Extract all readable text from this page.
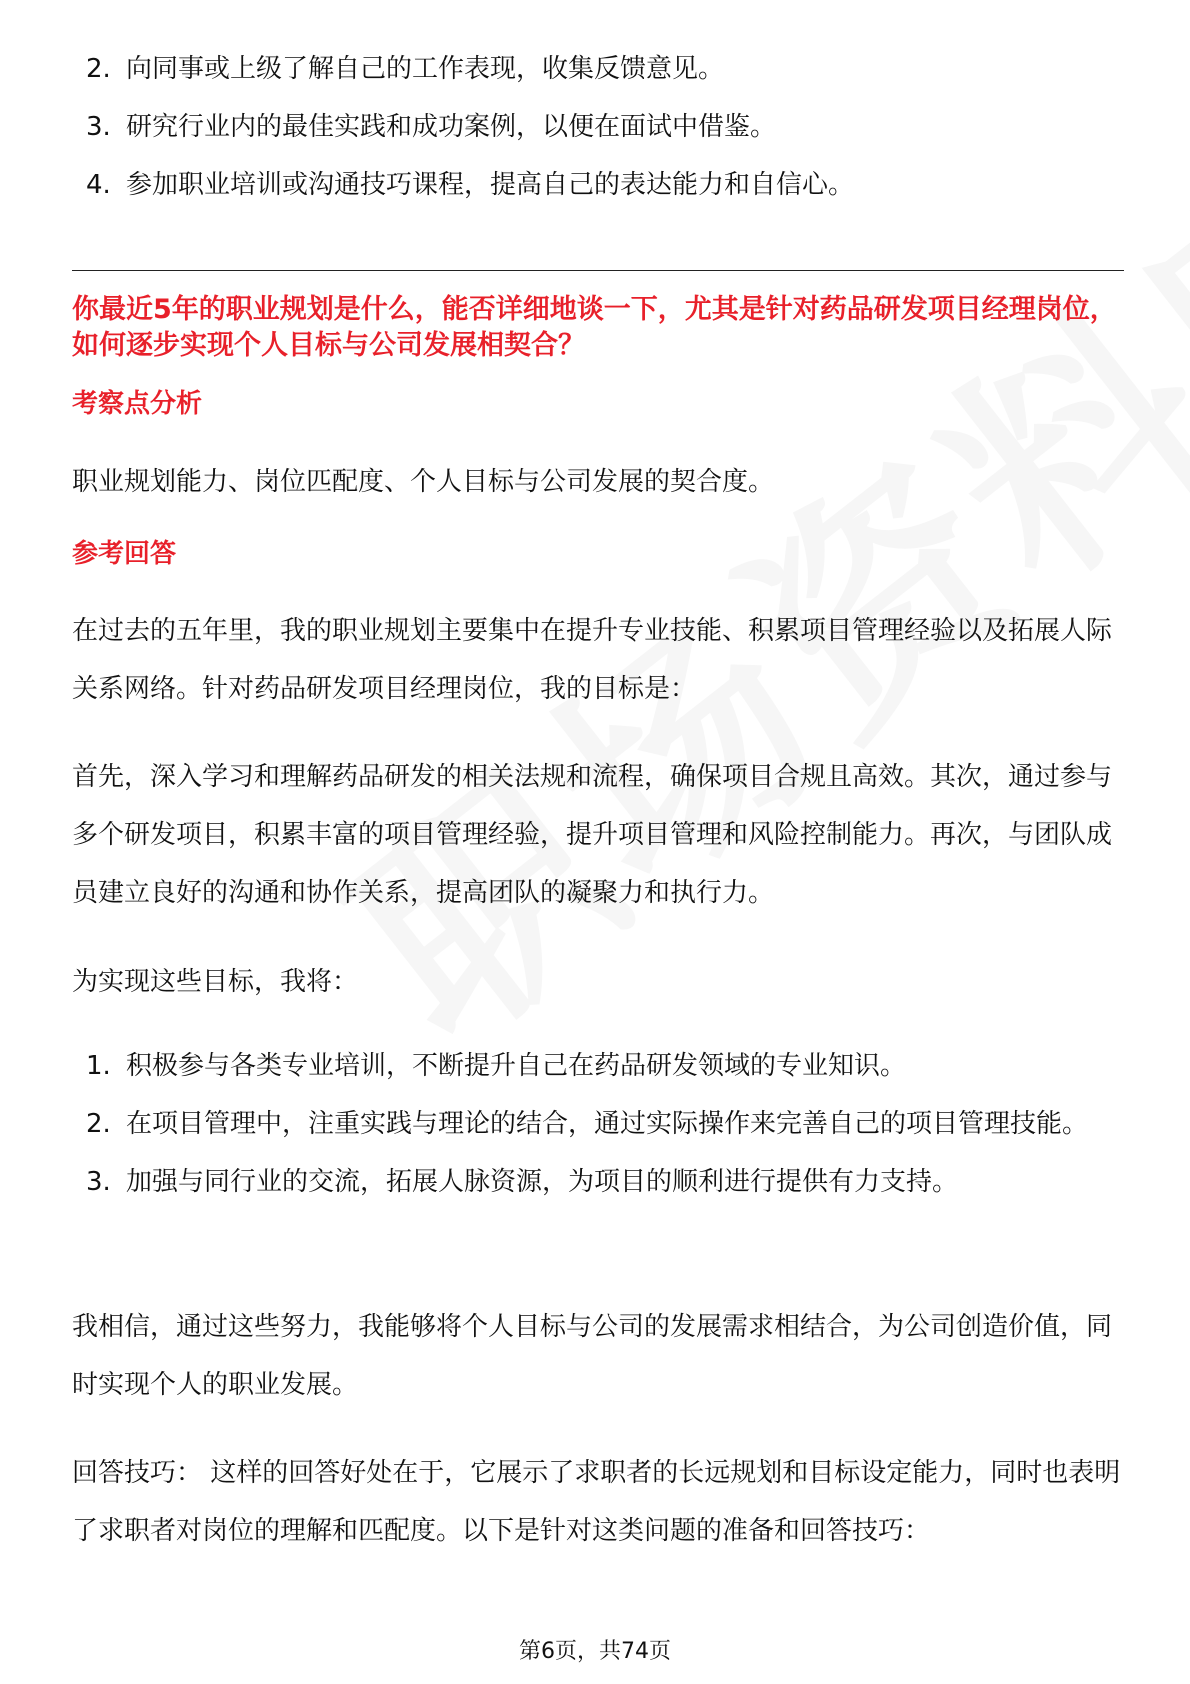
2. 向同事或上级了解自己的工作表现，收集反馈意见。
3. 研究行业内的最佳实践和成功案例，以便在面试中借鉴。
4. 参加职业培训或沟通技巧课程，提高自己的表达能力和自信心。
你最近5年的职业规划是什么，能否详细地谈一下，尤其是针对药品研发项目经理岗位，如何逐步实现个人目标与公司发展相契合？
考察点分析

职业规划能力、岗位匹配度、个人目标与公司发展的契合度。

参考回答

在过去的五年里，我的职业规划主要集中在提升专业技能、积累项目管理经验以及拓展人际关系网络。针对药品研发项目经理岗位，我的目标是：

首先，深入学习和理解药品研发的相关法规和流程，确保项目合规且高效。其次，通过参与多个研发项目，积累丰富的项目管理经验，提升项目管理和风险控制能力。再次，与团队成员建立良好的沟通和协作关系，提高团队的凝聚力和执行力。

为实现这些目标，我将：

1. 积极参与各类专业培训，不断提升自己在药品研发领域的专业知识。
2. 在项目管理中，注重实践与理论的结合，通过实际操作来完善自己的项目管理技能。
3. 加强与同行业的交流，拓展人脉资源，为项目的顺利进行提供有力支持。

我相信，通过这些努力，我能够将个人目标与公司的发展需求相结合，为公司创造价值，同时实现个人的职业发展。

回答技巧： 这样的回答好处在于，它展示了求职者的长远规划和目标设定能力，同时也表明了求职者对岗位的理解和匹配度。以下是针对这类问题的准备和回答技巧：

第6页，共74页
